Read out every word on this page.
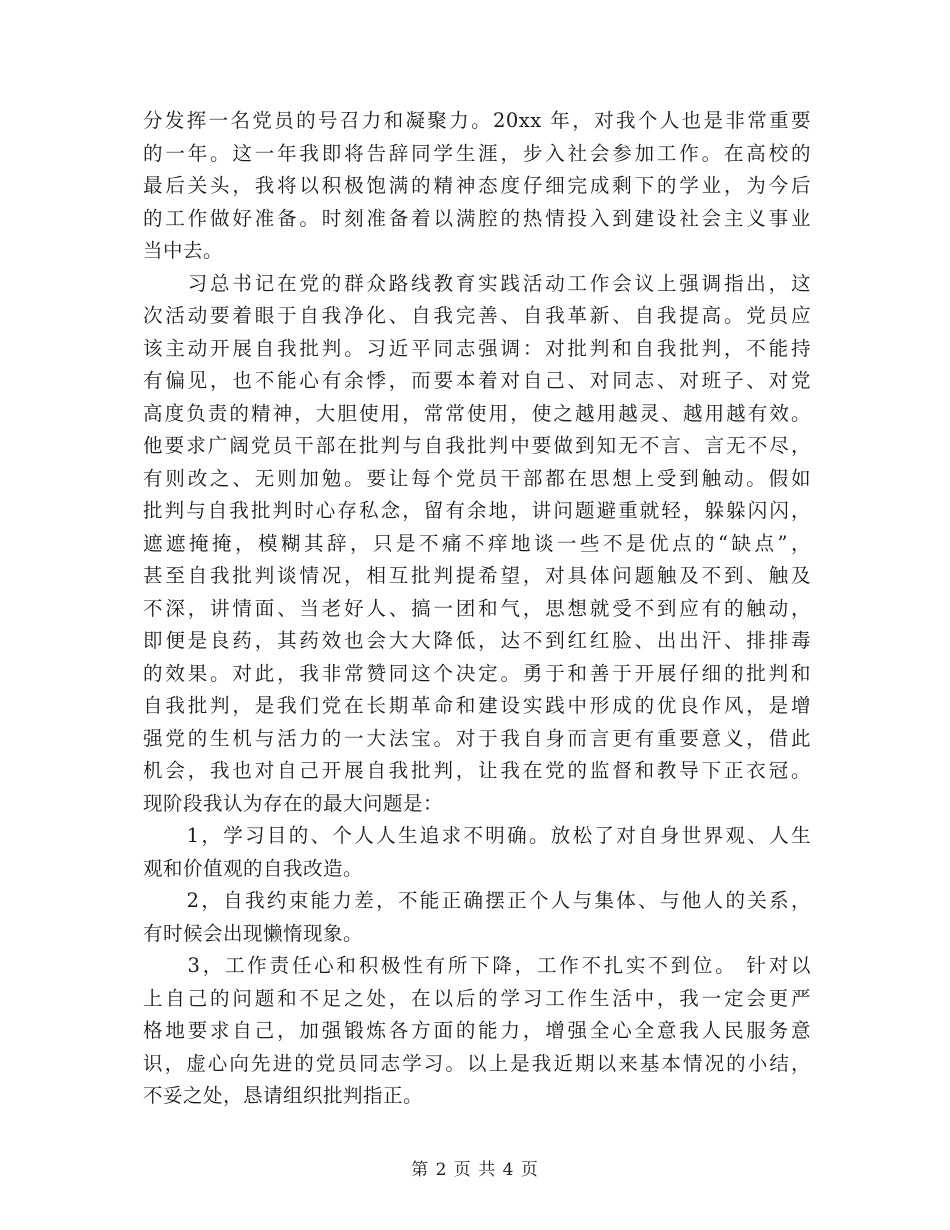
分发挥一名党员的号召力和凝聚力。20xx 年，对我个人也是非常重要
的一年。这一年我即将告辞同学生涯，步入社会参加工作。在高校的
最后关头，我将以积极饱满的精神态度仔细完成剩下的学业，为今后
的工作做好准备。时刻准备着以满腔的热情投入到建设社会主义事业
当中去。
　　习总书记在党的群众路线教育实践活动工作会议上强调指出，这
次活动要着眼于自我净化、自我完善、自我革新、自我提高。党员应
该主动开展自我批判。习近平同志强调：对批判和自我批判，不能持
有偏见，也不能心有余悸，而要本着对自己、对同志、对班子、对党
高度负责的精神，大胆使用，常常使用，使之越用越灵、越用越有效。
他要求广阔党员干部在批判与自我批判中要做到知无不言、言无不尽，
有则改之、无则加勉。要让每个党员干部都在思想上受到触动。假如
批判与自我批判时心存私念，留有余地，讲问题避重就轻，躲躲闪闪，
遮遮掩掩，模糊其辞，只是不痛不痒地谈一些不是优点的“缺点”，
甚至自我批判谈情况，相互批判提希望，对具体问题触及不到、触及
不深，讲情面、当老好人、搞一团和气，思想就受不到应有的触动，
即便是良药，其药效也会大大降低，达不到红红脸、出出汗、排排毒
的效果。对此，我非常赞同这个决定。勇于和善于开展仔细的批判和
自我批判，是我们党在长期革命和建设实践中形成的优良作风，是增
强党的生机与活力的一大法宝。对于我自身而言更有重要意义，借此
机会，我也对自己开展自我批判，让我在党的监督和教导下正衣冠。
现阶段我认为存在的最大问题是：
　　1，学习目的、个人人生追求不明确。放松了对自身世界观、人生
观和价值观的自我改造。
　　2，自我约束能力差，不能正确摆正个人与集体、与他人的关系，
有时候会出现懒惰现象。
　　3，工作责任心和积极性有所下降，工作不扎实不到位。 针对以
上自己的问题和不足之处，在以后的学习工作生活中，我一定会更严
格地要求自己，加强锻炼各方面的能力，增强全心全意我人民服务意
识，虚心向先进的党员同志学习。以上是我近期以来基本情况的小结，
不妥之处，恳请组织批判指正。
第 2 页 共 4 页
